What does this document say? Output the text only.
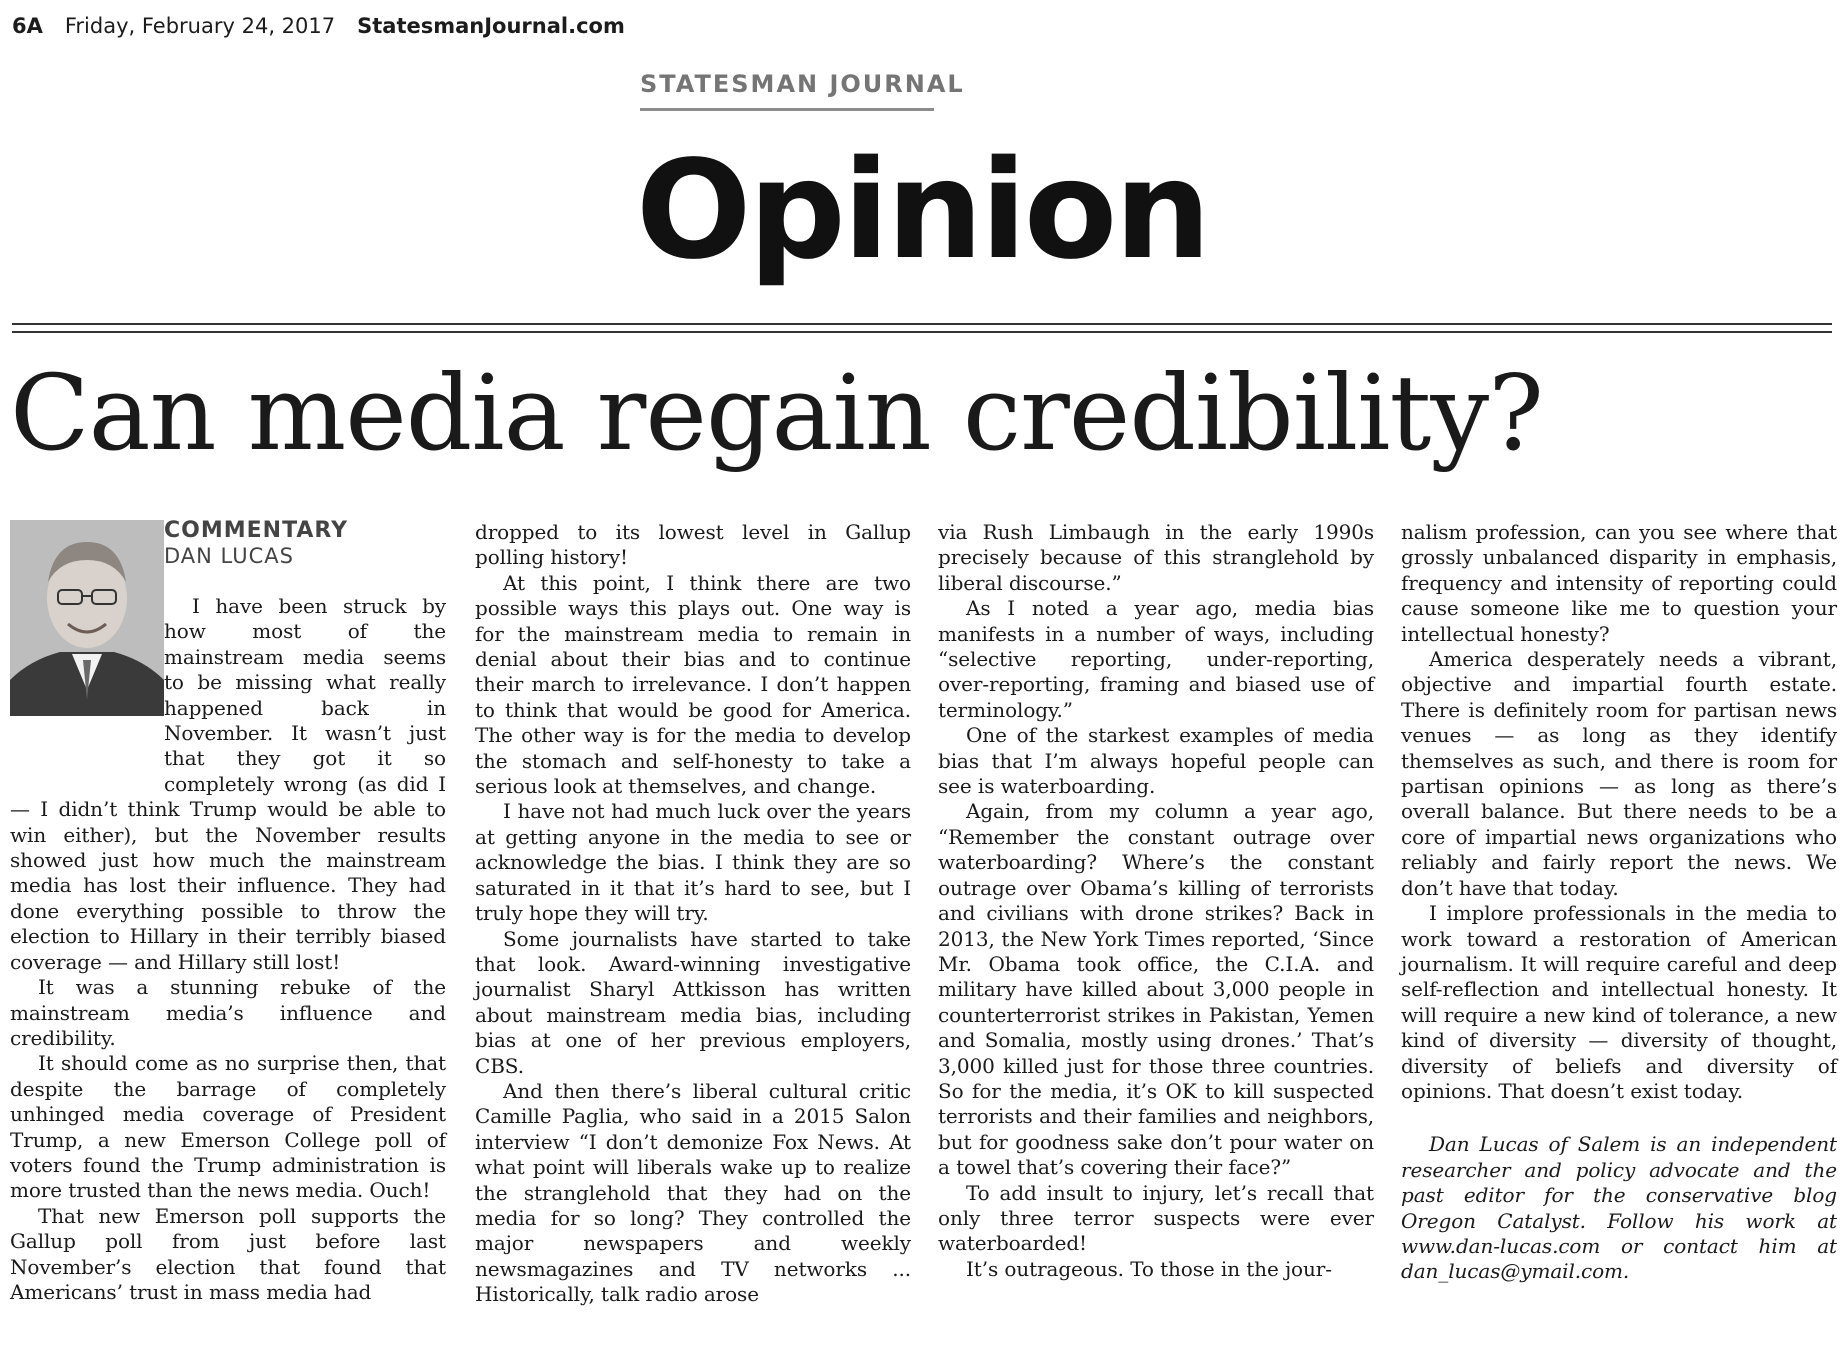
6A Friday, February 24, 2017 StatesmanJournal.com
STATESMAN JOURNAL
Opinion
Can media regain credibility?
COMMENTARY
DAN LUCAS

I have been struck by how most of the mainstream media seems to be missing what really happened back in November. It wasn’t just that they got it so completely wrong (as did I — I didn’t think Trump would be able to win either), but the November results showed just how much the mainstream media has lost their influence. They had done everything possible to throw the election to Hillary in their terribly biased coverage — and Hillary still lost!

It was a stunning rebuke of the mainstream media’s influence and credibility.

It should come as no surprise then, that despite the barrage of completely unhinged media coverage of President Trump, a new Emerson College poll of voters found the Trump administration is more trusted than the news media. Ouch!

That new Emerson poll supports the Gallup poll from just before last November’s election that found that Americans’ trust in mass media had

dropped to its lowest level in Gallup polling history!

At this point, I think there are two possible ways this plays out. One way is for the mainstream media to remain in denial about their bias and to continue their march to irrelevance. I don’t happen to think that would be good for America. The other way is for the media to develop the stomach and self-honesty to take a serious look at themselves, and change.

I have not had much luck over the years at getting anyone in the media to see or acknowledge the bias. I think they are so saturated in it that it’s hard to see, but I truly hope they will try.

Some journalists have started to take that look. Award-winning investigative journalist Sharyl Attkisson has written about mainstream media bias, including bias at one of her previous employers, CBS.

And then there’s liberal cultural critic Camille Paglia, who said in a 2015 Salon interview “I don’t demonize Fox News. At what point will liberals wake up to realize the stranglehold that they had on the media for so long? They controlled the major newspapers and weekly newsmagazines and TV networks ... Historically, talk radio arose

via Rush Limbaugh in the early 1990s precisely because of this stranglehold by liberal discourse.”

As I noted a year ago, media bias manifests in a number of ways, including “selective reporting, under-reporting, over-reporting, framing and biased use of terminology.”

One of the starkest examples of media bias that I’m always hopeful people can see is waterboarding.

Again, from my column a year ago, “Remember the constant outrage over waterboarding? Where’s the constant outrage over Obama’s killing of terrorists and civilians with drone strikes? Back in 2013, the New York Times reported, ‘Since Mr. Obama took office, the C.I.A. and military have killed about 3,000 people in counterterrorist strikes in Pakistan, Yemen and Somalia, mostly using drones.’ That’s 3,000 killed just for those three countries. So for the media, it’s OK to kill suspected terrorists and their families and neighbors, but for goodness sake don’t pour water on a towel that’s covering their face?”

To add insult to injury, let’s recall that only three terror suspects were ever waterboarded!

It’s outrageous. To those in the jour-

nalism profession, can you see where that grossly unbalanced disparity in emphasis, frequency and intensity of reporting could cause someone like me to question your intellectual honesty?

America desperately needs a vibrant, objective and impartial fourth estate. There is definitely room for partisan news venues — as long as they identify themselves as such, and there is room for partisan opinions — as long as there’s overall balance. But there needs to be a core of impartial news organizations who reliably and fairly report the news. We don’t have that today.

I implore professionals in the media to work toward a restoration of American journalism. It will require careful and deep self-reflection and intellectual honesty. It will require a new kind of tolerance, a new kind of diversity — diversity of thought, diversity of beliefs and diversity of opinions. That doesn’t exist today.

Dan Lucas of Salem is an independent researcher and policy advocate and the past editor for the conservative blog Oregon Catalyst. Follow his work at www.dan-lucas.com or contact him at dan_lucas@ymail.com.
